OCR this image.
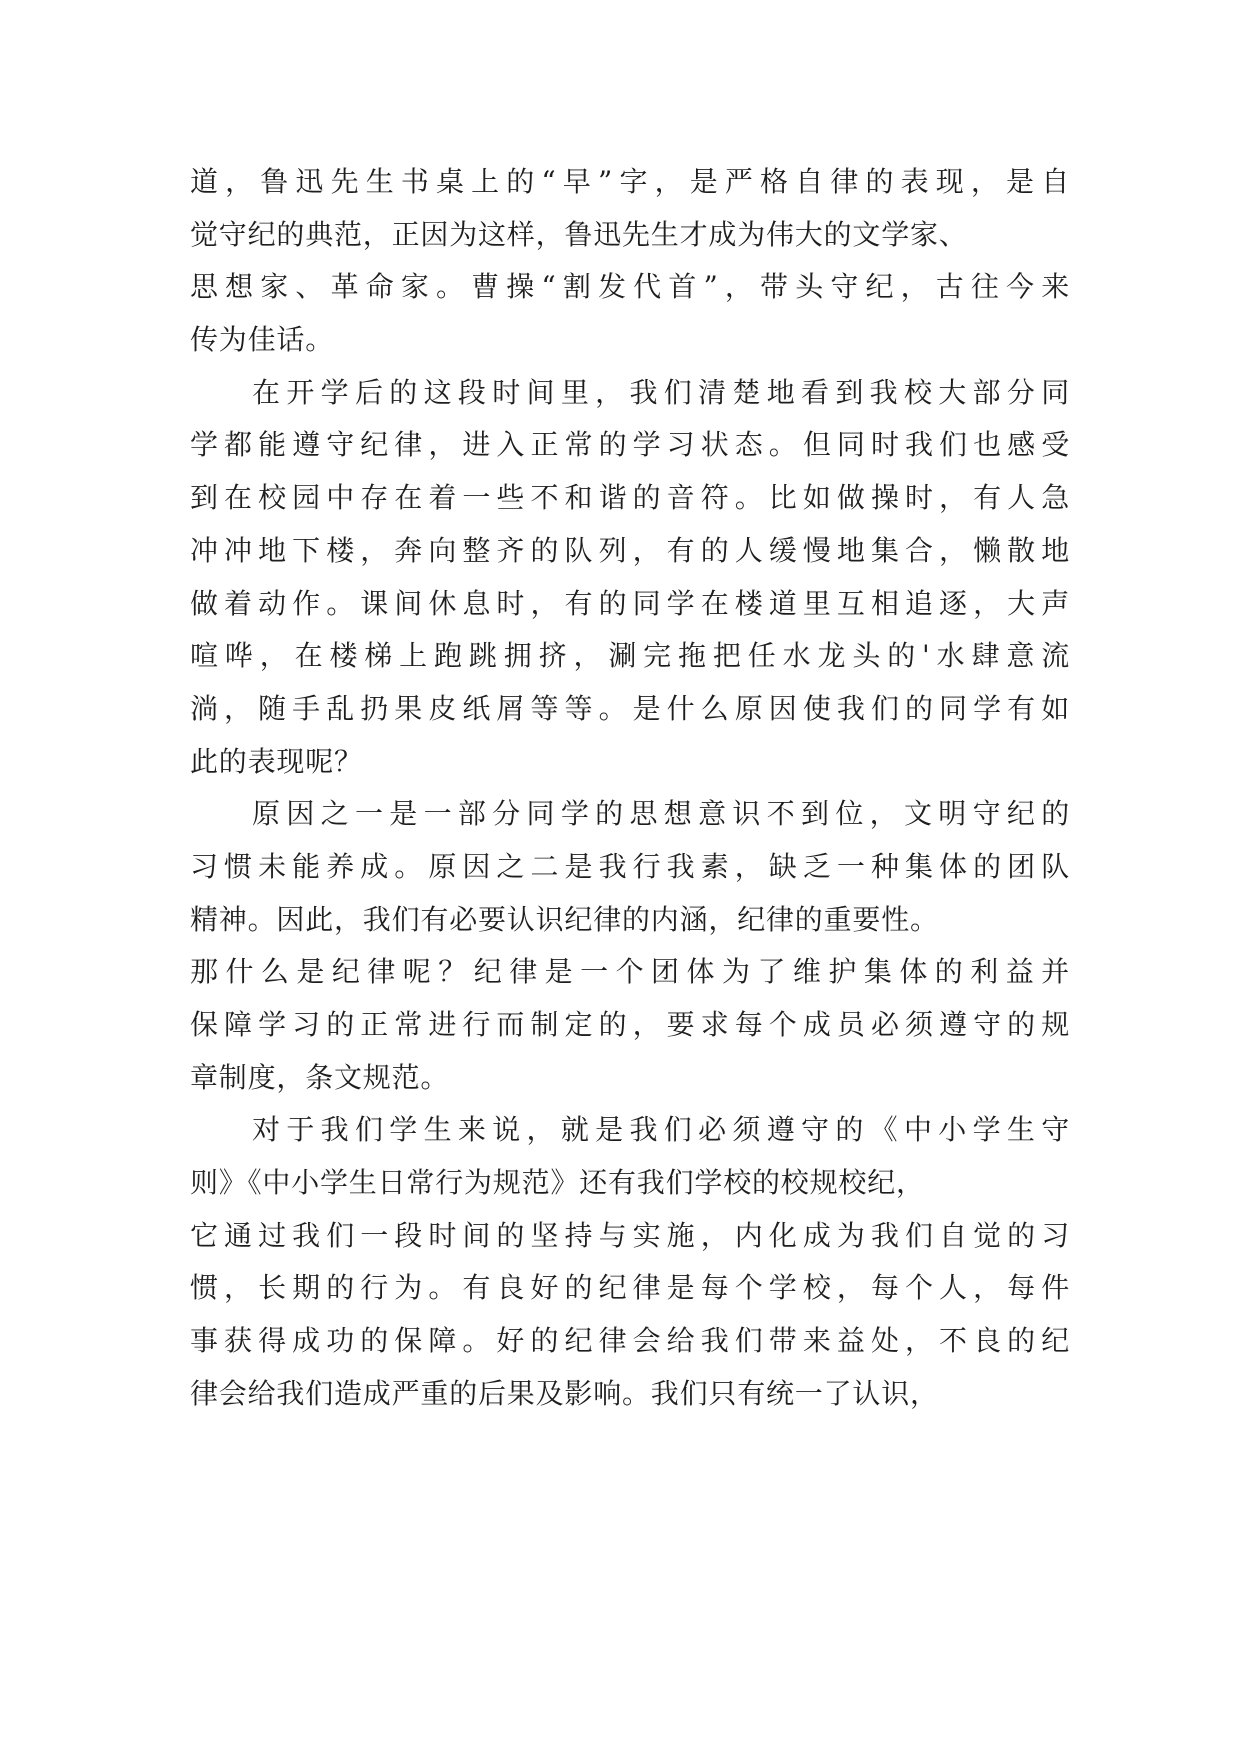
道，鲁迅先生书桌上的“早”字，是严格自律的表现，是自
觉守纪的典范，正因为这样，鲁迅先生才成为伟大的文学家、
思想家、革命家。曹操“割发代首”，带头守纪，古往今来
传为佳话。
在开学后的这段时间里，我们清楚地看到我校大部分同
学都能遵守纪律，进入正常的学习状态。但同时我们也感受
到在校园中存在着一些不和谐的音符。比如做操时，有人急
冲冲地下楼，奔向整齐的队列，有的人缓慢地集合，懒散地
做着动作。课间休息时，有的同学在楼道里互相追逐，大声
喧哗，在楼梯上跑跳拥挤，涮完拖把任水龙头的'水肆意流
淌，随手乱扔果皮纸屑等等。是什么原因使我们的同学有如
此的表现呢？
原因之一是一部分同学的思想意识不到位，文明守纪的
习惯未能养成。原因之二是我行我素，缺乏一种集体的团队
精神。因此，我们有必要认识纪律的内涵，纪律的重要性。
那什么是纪律呢？纪律是一个团体为了维护集体的利益并
保障学习的正常进行而制定的，要求每个成员必须遵守的规
章制度，条文规范。
对于我们学生来说，就是我们必须遵守的《中小学生守
则》《中小学生日常行为规范》还有我们学校的校规校纪，
它通过我们一段时间的坚持与实施，内化成为我们自觉的习
惯，长期的行为。有良好的纪律是每个学校，每个人，每件
事获得成功的保障。好的纪律会给我们带来益处，不良的纪
律会给我们造成严重的后果及影响。我们只有统一了认识，
